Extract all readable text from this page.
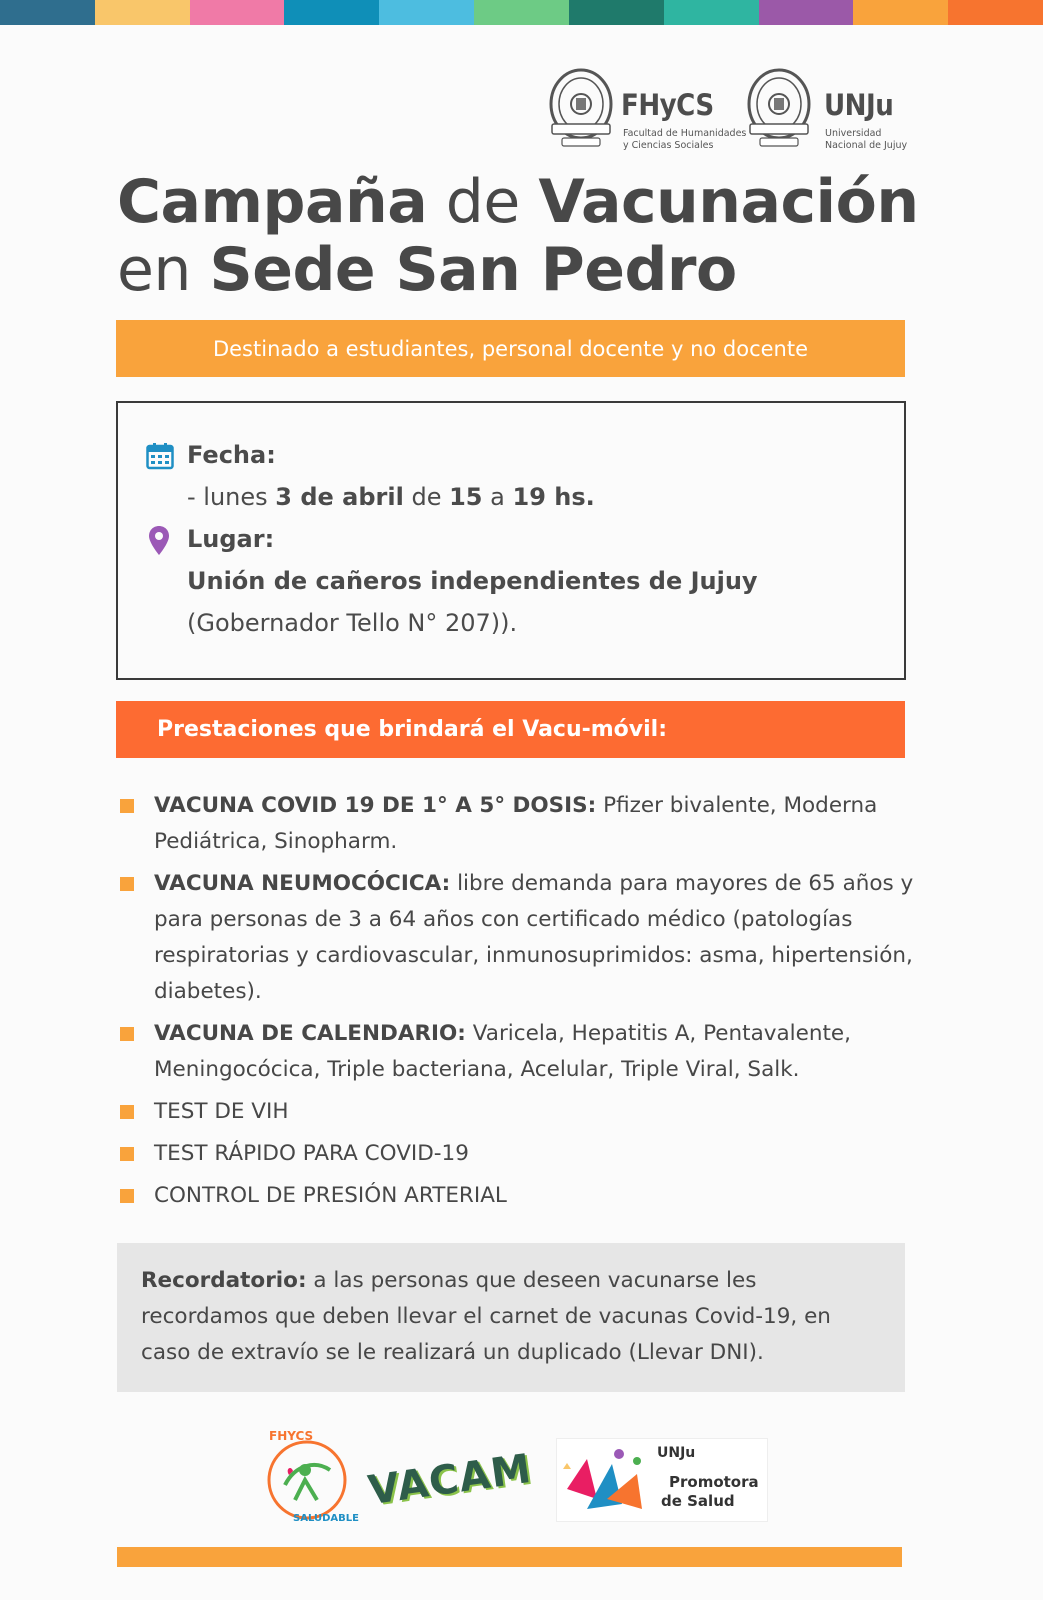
FHyCS
Facultad de Humanidades
y Ciencias Sociales
UNJu
Universidad
Nacional de Jujuy
Campaña de Vacunación
en Sede San Pedro
Destinado a estudiantes, personal docente y no docente
Fecha:
- lunes 3 de abril de 15 a 19 hs.
Lugar:
Unión de cañeros independientes de Jujuy
(Gobernador Tello N° 207)).
Prestaciones que brindará el Vacu-móvil:
VACUNA COVID 19 DE 1° A 5° DOSIS: Pfizer bivalente, Moderna Pediátrica, Sinopharm.
VACUNA NEUMOCÓCICA: libre demanda para mayores de 65 años y para personas de 3 a 64 años con certificado médico (patologías respiratorias y cardiovascular, inmunosuprimidos: asma, hipertensión, diabetes).
VACUNA DE CALENDARIO: Varicela, Hepatitis A, Pentavalente, Meningocócica, Triple bacteriana, Acelular, Triple Viral, Salk.
TEST DE VIH
TEST RÁPIDO PARA COVID-19
CONTROL DE PRESIÓN ARTERIAL
Recordatorio: a las personas que deseen vacunarse les recordamos que deben llevar el carnet de vacunas Covid-19, en caso de extravío se le realizará un duplicado (Llevar DNI).
FHYCS
SALUDABLE
VACAM	UNJu
Promotora
de Salud
